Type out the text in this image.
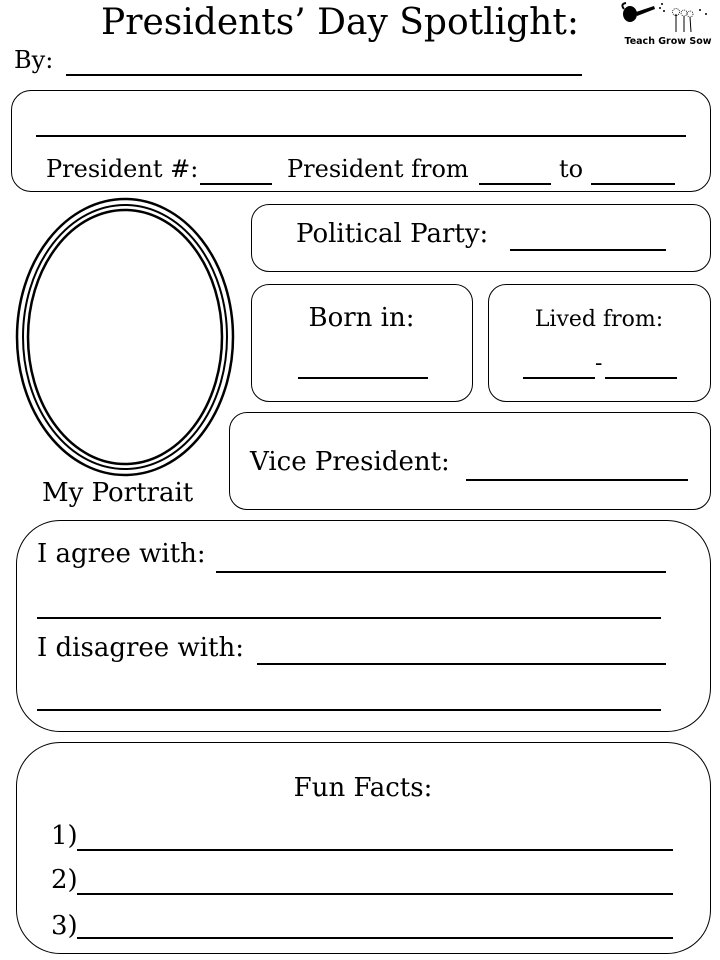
Presidents’ Day Spotlight:	Teach Grow Sow
By:
President #:	President from	to
My Portrait
Political Party:
Born in:	Lived from:
-
Vice President:
I agree with:
I disagree with:
Fun Facts:
1)
2)
3)
